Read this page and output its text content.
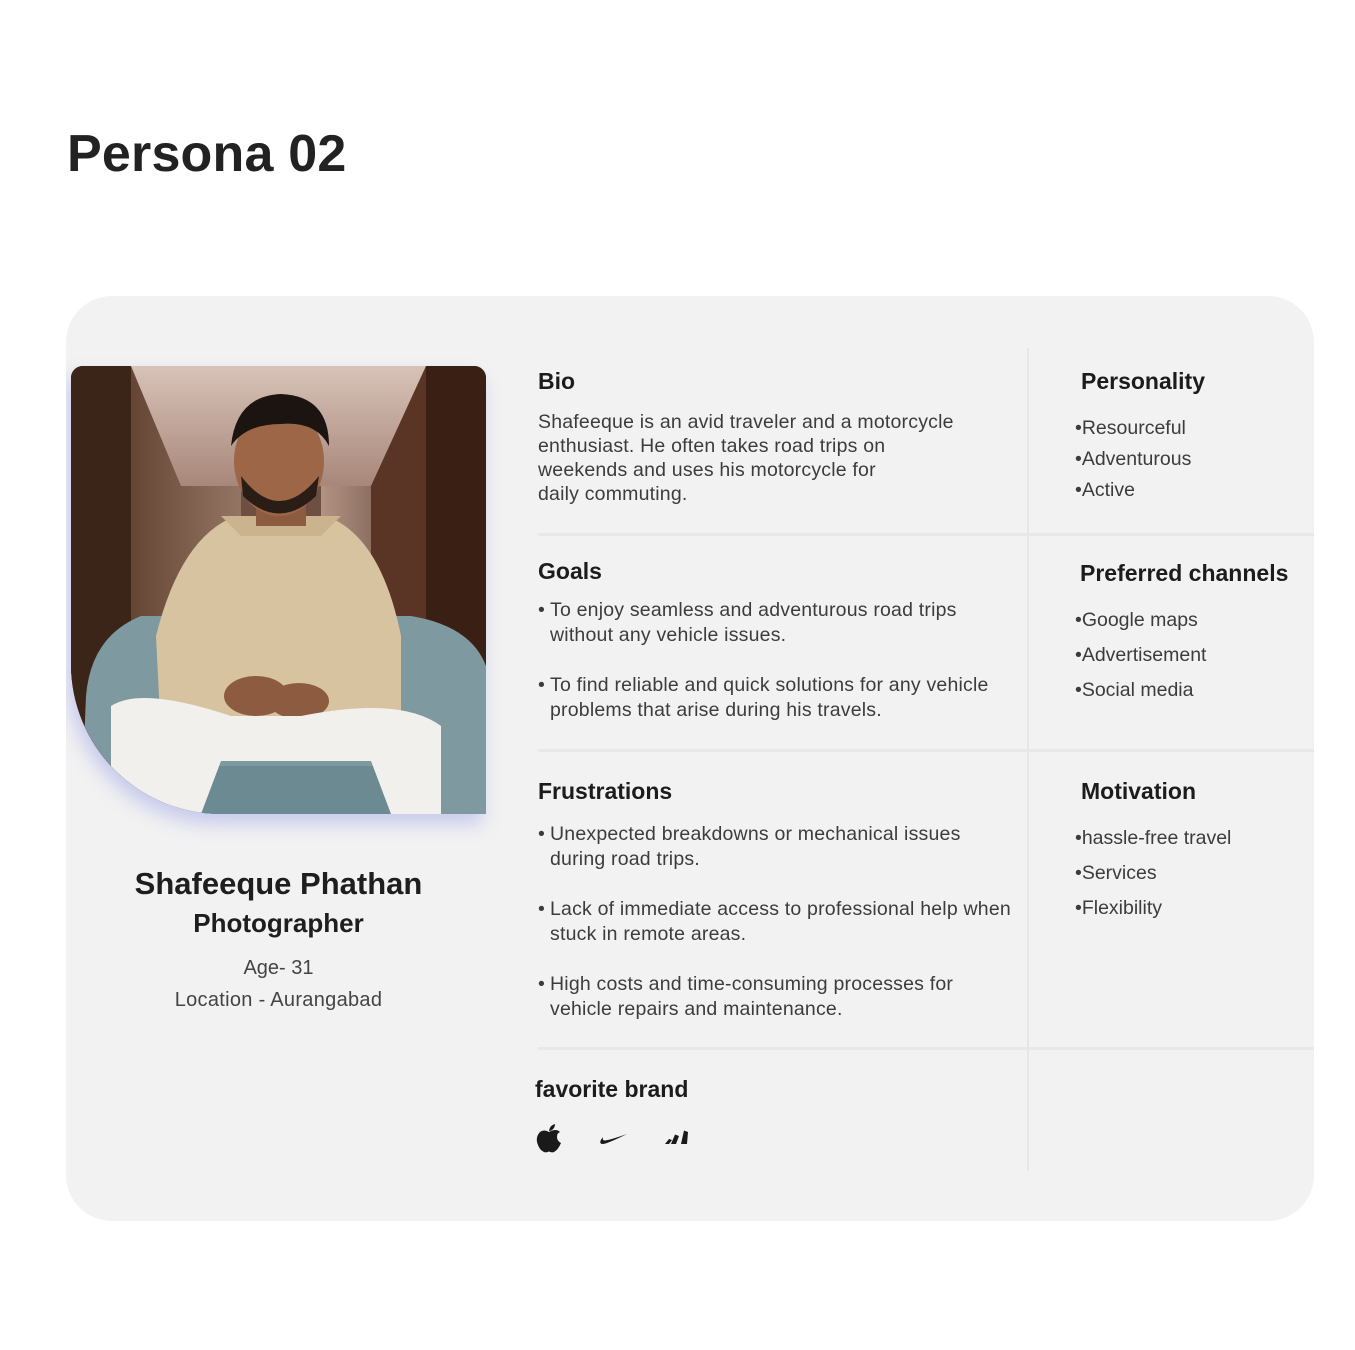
Persona 02
Shafeeque Phathan
Photographer
Age- 31
Location - Aurangabad
Bio
Shafeeque is an avid traveler and a motorcycle
enthusiast. He often takes road trips on
weekends and uses his motorcycle for
daily commuting.
Goals
• To enjoy seamless and adventurous road trips without any vehicle issues.
• To find reliable and quick solutions for any vehicle problems that arise during his travels.
Frustrations
• Unexpected breakdowns or mechanical issues during road trips.
• Lack of immediate access to professional help when stuck in remote areas.
• High costs and time-consuming processes for vehicle repairs and maintenance.
favorite brand
Personality
•Resourceful
•Adventurous
•Active
Preferred channels
•Google maps
•Advertisement
•Social media
Motivation
•hassle-free travel
•Services
•Flexibility
